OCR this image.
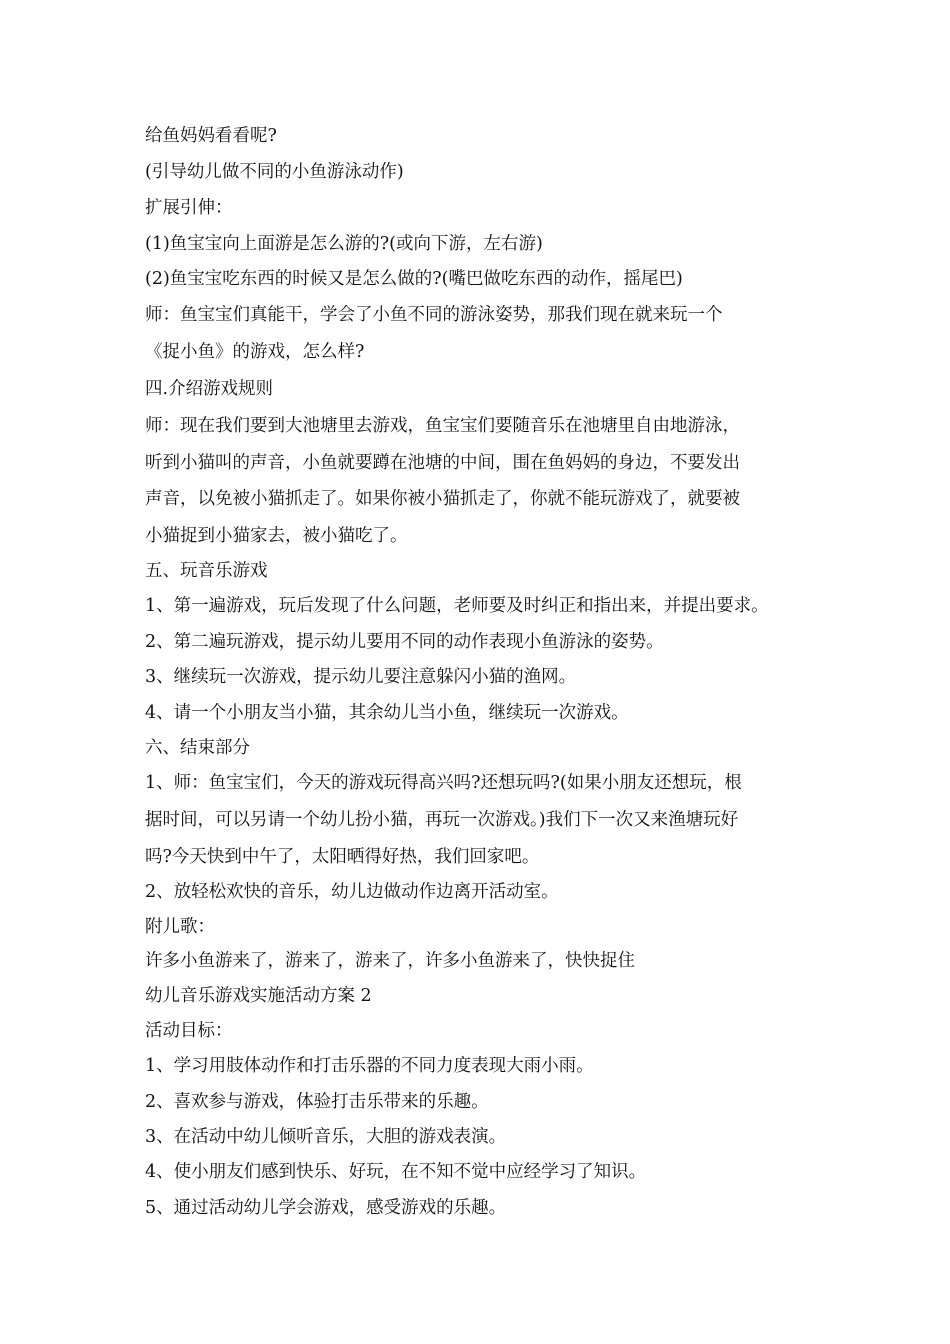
给鱼妈妈看看呢?
(引导幼儿做不同的小鱼游泳动作)
扩展引伸：
(1)鱼宝宝向上面游是怎么游的?(或向下游，左右游)
(2)鱼宝宝吃东西的时候又是怎么做的?(嘴巴做吃东西的动作，摇尾巴)
师：鱼宝宝们真能干，学会了小鱼不同的游泳姿势，那我们现在就来玩一个
《捉小鱼》的游戏，怎么样?
四.介绍游戏规则
师：现在我们要到大池塘里去游戏，鱼宝宝们要随音乐在池塘里自由地游泳，
听到小猫叫的声音，小鱼就要蹲在池塘的中间，围在鱼妈妈的身边，不要发出
声音，以免被小猫抓走了。如果你被小猫抓走了，你就不能玩游戏了，就要被
小猫捉到小猫家去，被小猫吃了。
五、玩音乐游戏
1、第一遍游戏，玩后发现了什么问题，老师要及时纠正和指出来，并提出要求。
2、第二遍玩游戏，提示幼儿要用不同的动作表现小鱼游泳的姿势。
3、继续玩一次游戏，提示幼儿要注意躲闪小猫的渔网。
4、请一个小朋友当小猫，其余幼儿当小鱼，继续玩一次游戏。
六、结束部分
1、师：鱼宝宝们，今天的游戏玩得高兴吗?还想玩吗?(如果小朋友还想玩，根
据时间，可以另请一个幼儿扮小猫，再玩一次游戏。)我们下一次又来渔塘玩好
吗?今天快到中午了，太阳晒得好热，我们回家吧。
2、放轻松欢快的音乐，幼儿边做动作边离开活动室。
附儿歌：
许多小鱼游来了，游来了，游来了，许多小鱼游来了，快快捉住
幼儿音乐游戏实施活动方案 2
活动目标：
1、学习用肢体动作和打击乐器的不同力度表现大雨小雨。
2、喜欢参与游戏，体验打击乐带来的乐趣。
3、在活动中幼儿倾听音乐，大胆的游戏表演。
4、使小朋友们感到快乐、好玩，在不知不觉中应经学习了知识。
5、通过活动幼儿学会游戏，感受游戏的乐趣。
